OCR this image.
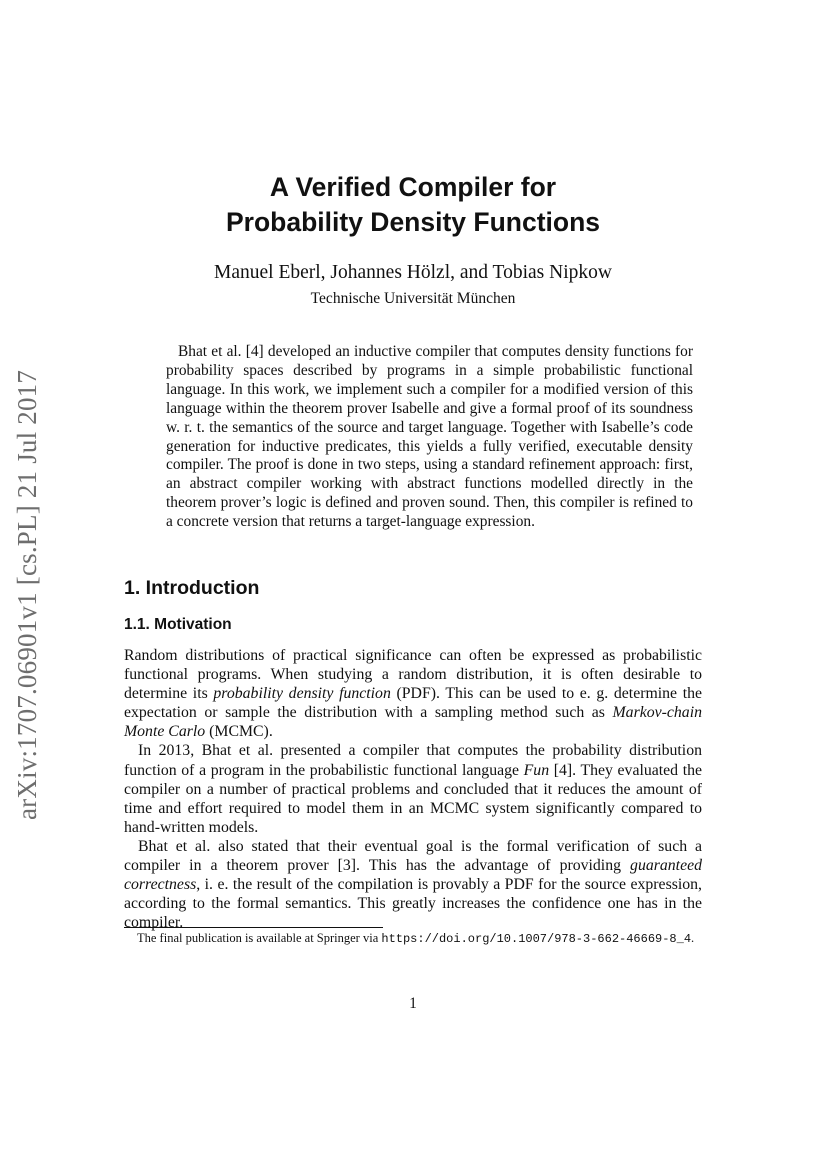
arXiv:1707.06901v1 [cs.PL] 21 Jul 2017
A Verified Compiler for
Probability Density Functions
Manuel Eberl, Johannes Hölzl, and Tobias Nipkow
Technische Universität München

Bhat et al. [4] developed an inductive compiler that computes density functions for probability spaces described by programs in a simple probabilistic functional language. In this work, we implement such a compiler for a modified version of this language within the theorem prover Isabelle and give a formal proof of its soundness w. r. t. the semantics of the source and target language. Together with Isabelle’s code generation for inductive predicates, this yields a fully verified, executable density compiler. The proof is done in two steps, using a standard refinement approach: first, an abstract compiler working with abstract functions modelled directly in the theorem prover’s logic is defined and proven sound. Then, this compiler is refined to a concrete version that returns a target-language expression.

1. Introduction
1.1. Motivation

Random distributions of practical significance can often be expressed as probabilistic functional programs. When studying a random distribution, it is often desirable to determine its probability density function (PDF). This can be used to e. g. determine the expectation or sample the distribution with a sampling method such as Markov-chain Monte Carlo (MCMC).

In 2013, Bhat et al. presented a compiler that computes the probability distribution function of a program in the probabilistic functional language Fun [4]. They evaluated the compiler on a number of practical problems and concluded that it reduces the amount of time and effort required to model them in an MCMC system significantly compared to hand-written models.

Bhat et al. also stated that their eventual goal is the formal verification of such a compiler in a theorem prover [3]. This has the advantage of providing guaranteed correctness, i. e. the result of the compilation is provably a PDF for the source expression, according to the formal semantics. This greatly increases the confidence one has in the compiler.

The final publication is available at Springer via https://doi.org/10.1007/978-3-662-46669-8_4.
1
